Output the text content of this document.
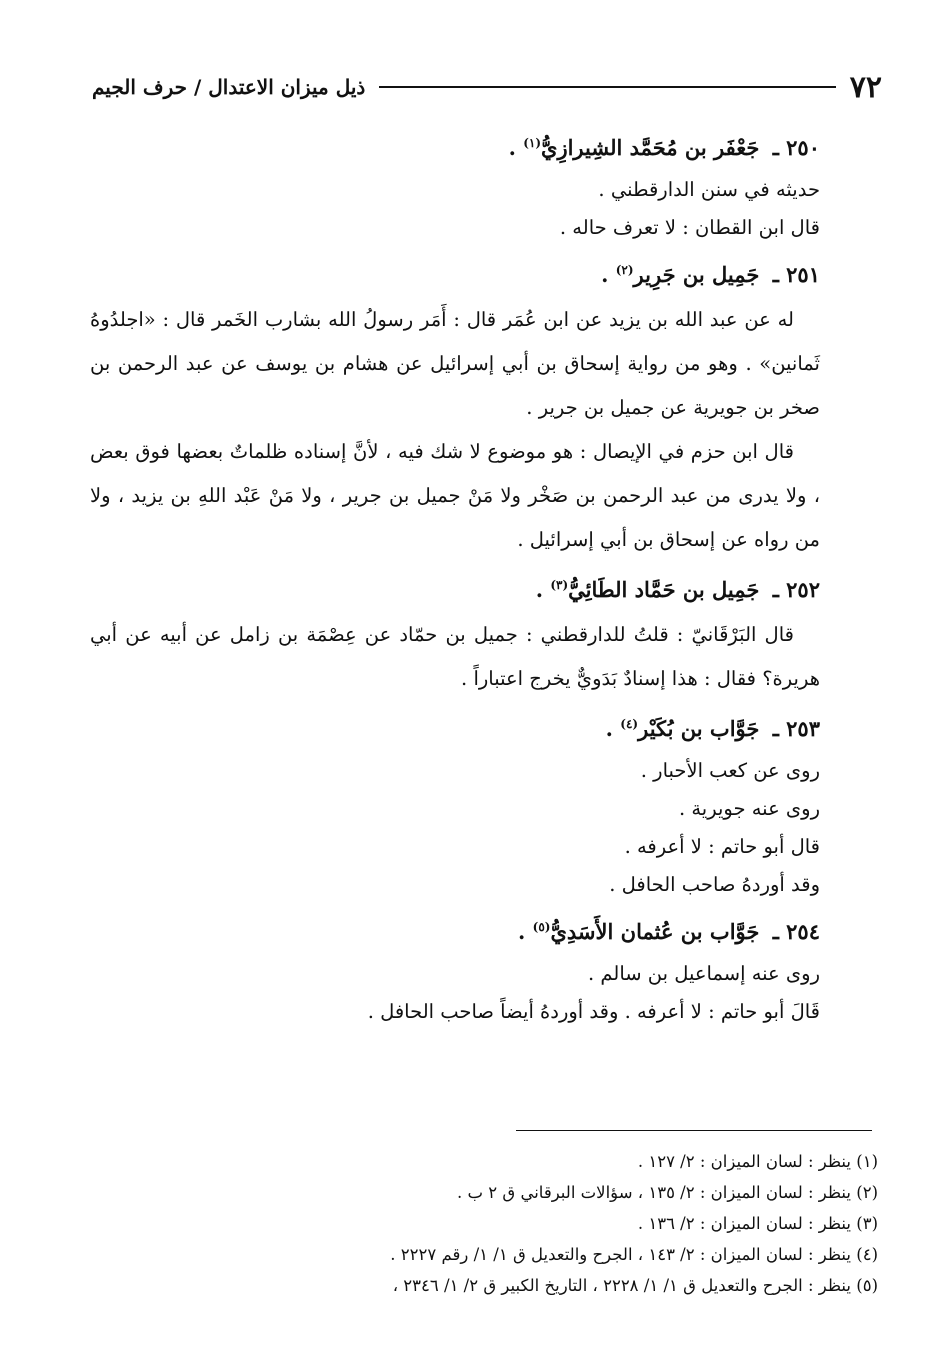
٧٢
ذيل ميزان الاعتدال / حرف الجيم

٢٥٠ ـ جَعْفَر بن مُحَمَّد الشِيرازِيُّ$^{(١)}$ .

حديثه في سنن الدارقطني .

قال ابن القطان : لا تعرف حاله .

٢٥١ ـ جَمِيل بن جَرِير$^{(٢)}$ .

له عن عبد الله بن يزيد عن ابن عُمَر قال : أَمَر رسولُ الله بشارب الخَمر قال : «اجلدُوهُ ثَمانين» . وهو من رواية إسحاق بن أبي إسرائيل عن هشام بن يوسف عن عبد الرحمن بن صخر بن جويرية عن جميل بن جرير .

قال ابن حزم في الإيصال : هو موضوع لا شك فيه ، لأنَّ إسناده ظلماتٌ بعضها فوق بعض ، ولا يدرى من عبد الرحمن بن صَخْر ولا مَنْ جميل بن جرير ، ولا مَنْ عَبْد اللهِ بن يزيد ، ولا من رواه عن إسحاق بن أبي إسرائيل .

٢٥٢ ـ جَمِيل بن حَمَّاد الطَائِيُّ$^{(٣)}$ .

قال البَرْقَانيّ : قلتُ للدارقطني : جميل بن حمّاد عن عِصْمَة بن زامل عن أبيه عن أبي هريرة؟ فقال : هذا إسنادٌ بَدَويٌّ يخرج اعتباراً .

٢٥٣ ـ جَوَّاب بن بُكَيْر$^{(٤)}$ .

روى عن كعب الأحبار .

روى عنه جويرية .

قال أبو حاتم : لا أعرفه .

وقد أوردهُ صاحب الحافل .

٢٥٤ ـ جَوَّاب بن عُثمان الأَسَدِيُّ$^{(٥)}$ .

روى عنه إسماعيل بن سالم .

قَالَ أبو حاتم : لا أعرفه . وقد أوردهُ أيضاً صاحب الحافل .

(١) ينظر : لسان الميزان : ٢/ ١٢٧ .

(٢) ينظر : لسان الميزان : ٢/ ١٣٥ ، سؤالات البرقاني ق ٢ ب .

(٣) ينظر : لسان الميزان : ٢/ ١٣٦ .

(٤) ينظر : لسان الميزان : ٢/ ١٤٣ ، الجرح والتعديل ق ١/ ١/ رقم ٢٢٢٧ .

(٥) ينظر : الجرح والتعديل ق ١/ ١/ ٢٢٢٨ ، التاريخ الكبير ق ٢/ ١/ ٢٣٤٦ ،
